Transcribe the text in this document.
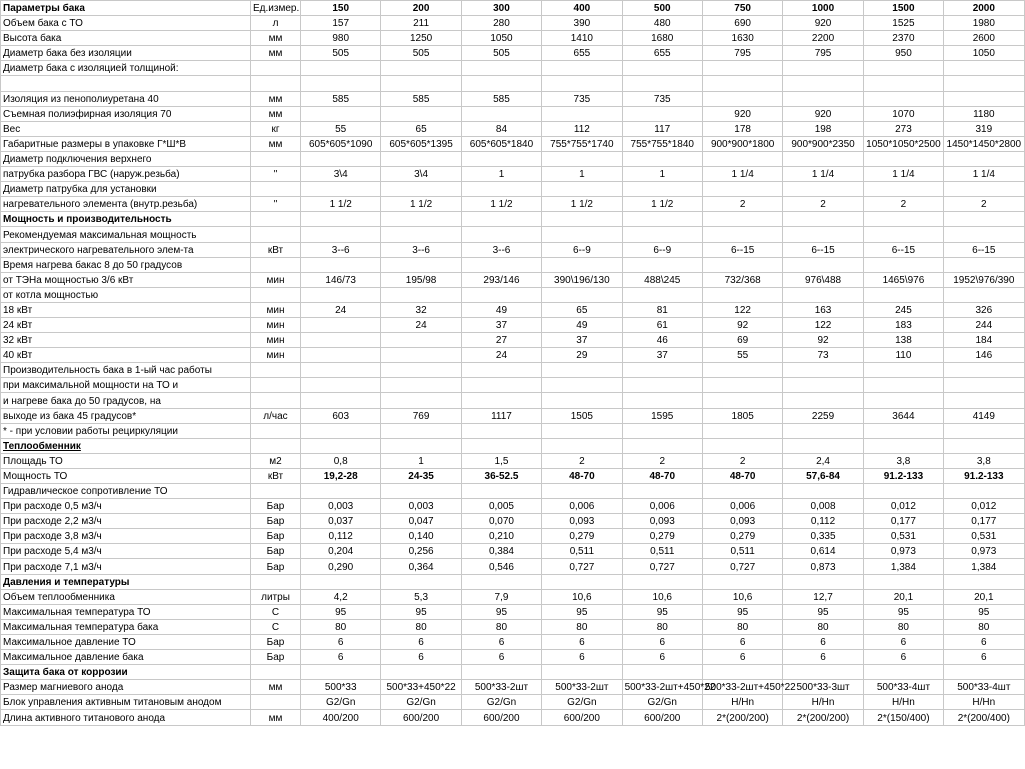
Параметры бака	Ед.измер.	150	200	300	400	500	750	1000	1500	2000
Объем бака с ТО	л	157	211	280	390	480	690	920	1525	1980
Высота бака	мм	980	1250	1050	1410	1680	1630	2200	2370	2600
Диаметр бака без изоляции	мм	505	505	505	655	655	795	795	950	1050
Диаметр бака с изоляцией толщиной:										

Изоляция из пенополиуретана 40	мм	585	585	585	735	735				
Съемная полиэфирная изоляция 70	мм						920	920	1070	1180
Вес	кг	55	65	84	112	117	178	198	273	319
Габаритные размеры в упаковке Г*Ш*В	мм	605*605*1090	605*605*1395	605*605*1840	755*755*1740	755*755*1840	900*900*1800	900*900*2350	1050*1050*2500	1450*1450*2800
Диаметр подключения верхнего										
патрубка разбора ГВС (наруж.резьба)	"	3\4	3\4	1	1	1	1 1/4	1 1/4	1 1/4	1 1/4
Диаметр патрубка для установки										
нагревательного элемента (внутр.резьба)	"	1 1/2	1 1/2	1 1/2	1 1/2	1 1/2	2	2	2	2
Мощность и производительность										
Рекомендуемая максимальная мощность										
электрического нагревательного элем-та	кВт	3--6	3--6	3--6	6--9	6--9	6--15	6--15	6--15	6--15
Время нагрева бакас 8 до 50 градусов										
от ТЭНа мощностью 3/6 кВт	мин	146/73	195/98	293/146	390\196/130	488\245	732/368	976\488	1465\976	1952\976/390
от котла мощностью										
18 кВт	мин	24	32	49	65	81	122	163	245	326
24 кВт	мин		24	37	49	61	92	122	183	244
32 кВт	мин			27	37	46	69	92	138	184
40 кВт	мин			24	29	37	55	73	110	146
Производительность бака в 1-ый час работы										
при максимальной мощности на ТО и										
и нагреве бака до 50 градусов, на										
выходе из бака 45 градусов*	л/час	603	769	1117	1505	1595	1805	2259	3644	4149
* - при условии работы рециркуляции										
Теплообменник										
Площадь ТО	м2	0,8	1	1,5	2	2	2	2,4	3,8	3,8
Мощность ТО	кВт	19,2-28	24-35	36-52.5	48-70	48-70	48-70	57,6-84	91.2-133	91.2-133
Гидравлическое сопротивление ТО										
При расходе 0,5 м3/ч	Бар	0,003	0,003	0,005	0,006	0,006	0,006	0,008	0,012	0,012
При расходе 2,2 м3/ч	Бар	0,037	0,047	0,070	0,093	0,093	0,093	0,112	0,177	0,177
При расходе 3,8 м3/ч	Бар	0,112	0,140	0,210	0,279	0,279	0,279	0,335	0,531	0,531
При расходе 5,4 м3/ч	Бар	0,204	0,256	0,384	0,511	0,511	0,511	0,614	0,973	0,973
При расходе 7,1 м3/ч	Бар	0,290	0,364	0,546	0,727	0,727	0,727	0,873	1,384	1,384
Давления и температуры										
Объем теплообменника	литры	4,2	5,3	7,9	10,6	10,6	10,6	12,7	20,1	20,1
Максимальная температура ТО	С	95	95	95	95	95	95	95	95	95
Максимальная температура бака	С	80	80	80	80	80	80	80	80	80
Максимальное давление ТО	Бар	6	6	6	6	6	6	6	6	6
Максимальное давление бака	Бар	6	6	6	6	6	6	6	6	6
Защита бака от коррозии										
Размер магниевого анода	мм	500*33	500*33+450*22	500*33-2шт	500*33-2шт	500*33-2шт+450*22	500*33-2шт+450*22	500*33-3шт	500*33-4шт	500*33-4шт
Блок управления активным титановым анодом		G2/Gn	G2/Gn	G2/Gn	G2/Gn	G2/Gn	H/Hn	H/Hn	H/Hn	H/Hn
Длина активного титанового анода	мм	400/200	600/200	600/200	600/200	600/200	2*(200/200)	2*(200/200)	2*(150/400)	2*(200/400)
